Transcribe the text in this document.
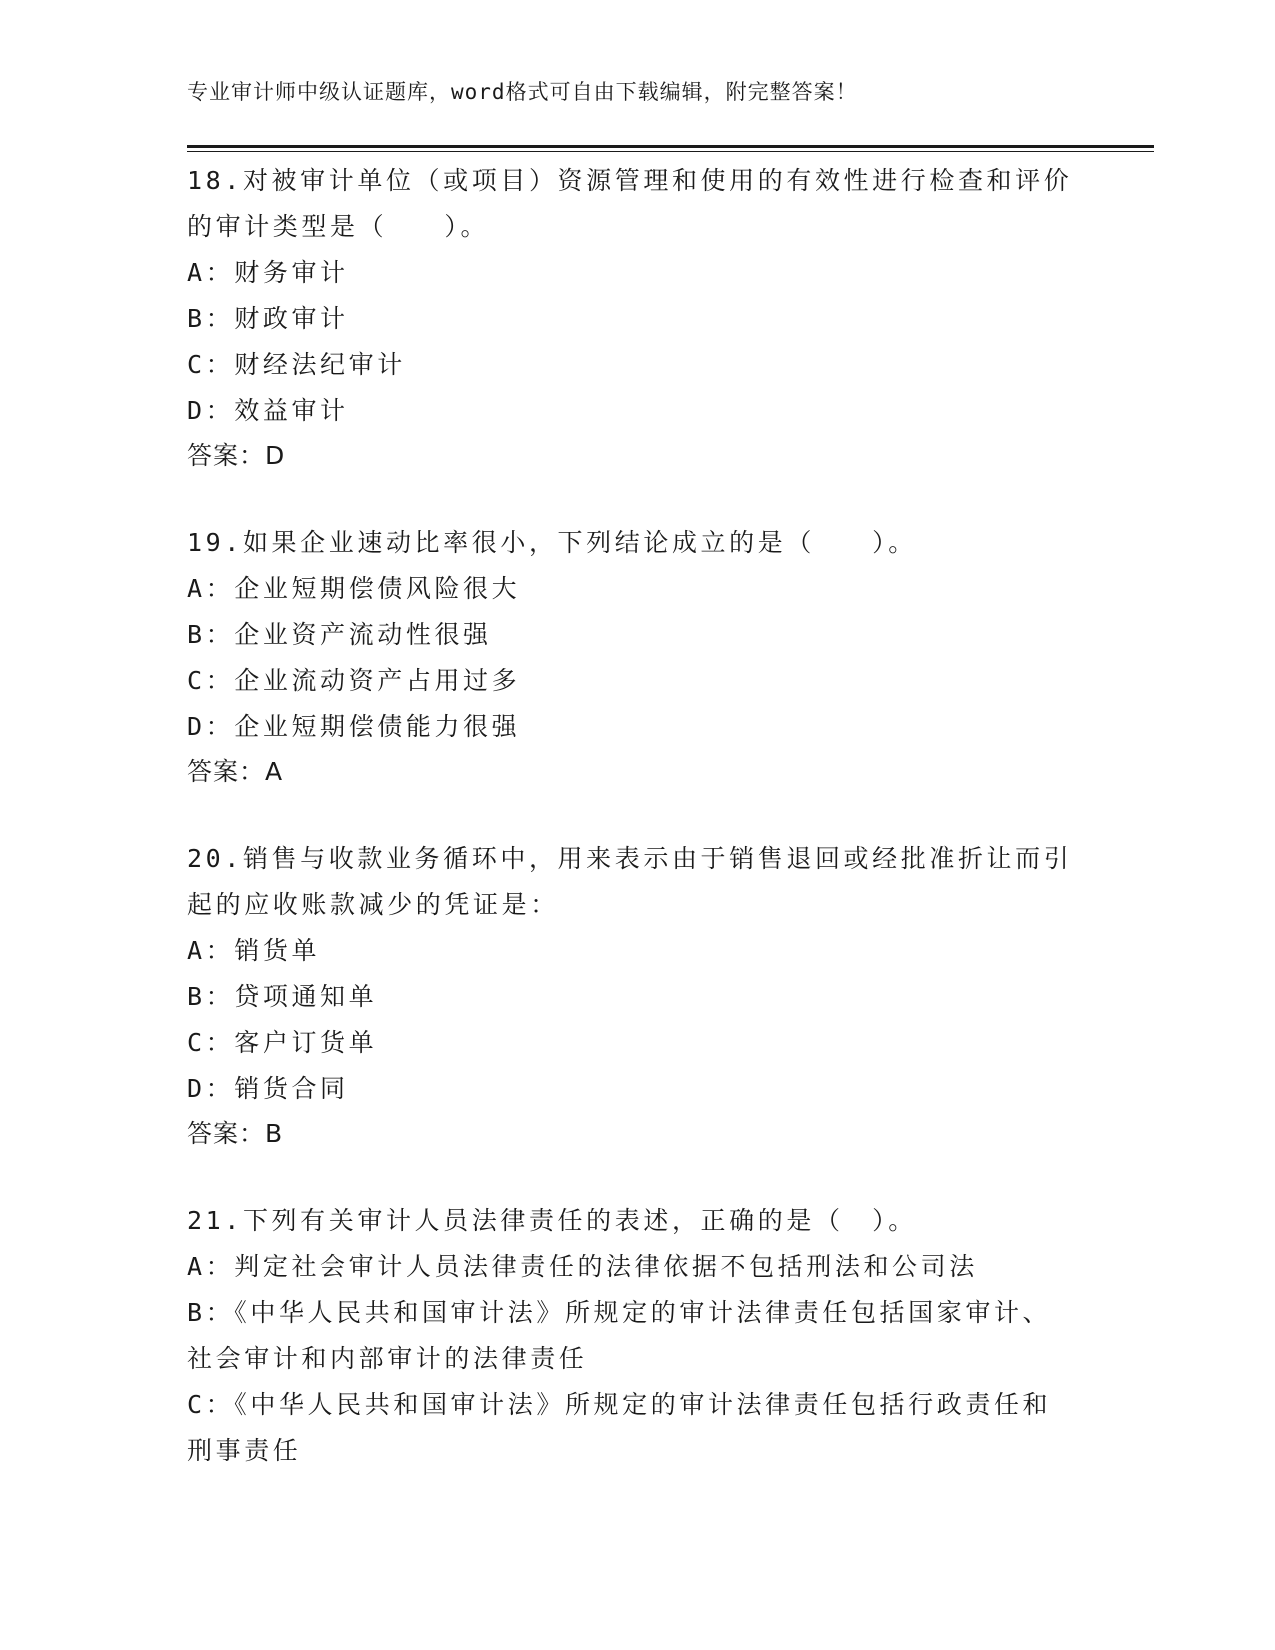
专业审计师中级认证题库，word格式可自由下载编辑，附完整答案！
18.对被审计单位（或项目）资源管理和使用的有效性进行检查和评价
的审计类型是（　　）。
A：财务审计
B：财政审计
C：财经法纪审计
D：效益审计
答案：D
19.如果企业速动比率很小，下列结论成立的是（　　）。
A：企业短期偿债风险很大
B：企业资产流动性很强
C：企业流动资产占用过多
D：企业短期偿债能力很强
答案：A
20.销售与收款业务循环中，用来表示由于销售退回或经批准折让而引
起的应收账款减少的凭证是：
A：销货单
B：贷项通知单
C：客户订货单
D：销货合同
答案：B
21.下列有关审计人员法律责任的表述，正确的是（　）。
A：判定社会审计人员法律责任的法律依据不包括刑法和公司法
B：《中华人民共和国审计法》所规定的审计法律责任包括国家审计、
社会审计和内部审计的法律责任
C：《中华人民共和国审计法》所规定的审计法律责任包括行政责任和
刑事责任
